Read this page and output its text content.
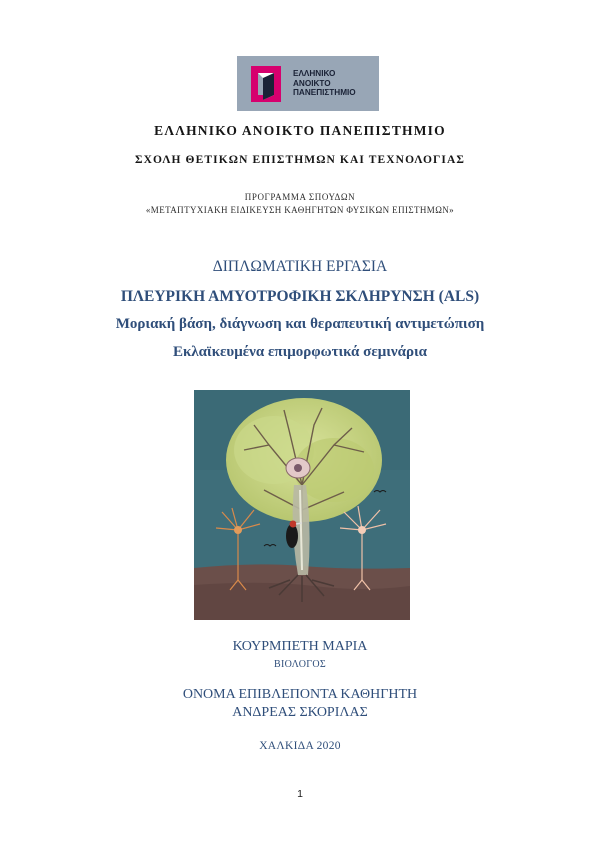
ΕΛΛΗΝΙΚΟ
ΑΝΟΙΚΤΟ
ΠΑΝΕΠΙΣΤΗΜΙΟ
ΕΛΛΗΝΙΚΟ ΑΝΟΙΚΤΟ ΠΑΝΕΠΙΣΤΗΜΙΟ
ΣΧΟΛΗ ΘΕΤΙΚΩΝ ΕΠΙΣΤΗΜΩΝ ΚΑΙ ΤΕΧΝΟΛΟΓΙΑΣ
ΠΡΟΓΡΑΜΜΑ ΣΠΟΥΔΩΝ
«ΜΕΤΑΠΤΥΧΙΑΚΗ ΕΙΔΙΚΕΥΣΗ ΚΑΘΗΓΗΤΩΝ ΦΥΣΙΚΩΝ ΕΠΙΣΤΗΜΩΝ»
ΔΙΠΛΩΜΑΤΙΚΗ ΕΡΓΑΣΙΑ
ΠΛΕΥΡΙΚΗ ΑΜΥΟΤΡΟΦΙΚΗ ΣΚΛΗΡΥΝΣΗ (ALS)
Μοριακή βάση, διάγνωση και θεραπευτική αντιμετώπιση
Εκλαϊκευμένα επιμορφωτικά σεμινάρια
ΚΟΥΡΜΠΕΤΗ ΜΑΡΙΑ
ΒΙΟΛΟΓΟΣ
ΟΝΟΜΑ ΕΠΙΒΛΕΠΟΝΤΑ ΚΑΘΗΓΗΤΗ
ΑΝΔΡΕΑΣ ΣΚΟΡΙΛΑΣ
ΧΑΛΚΙΔΑ 2020
1
